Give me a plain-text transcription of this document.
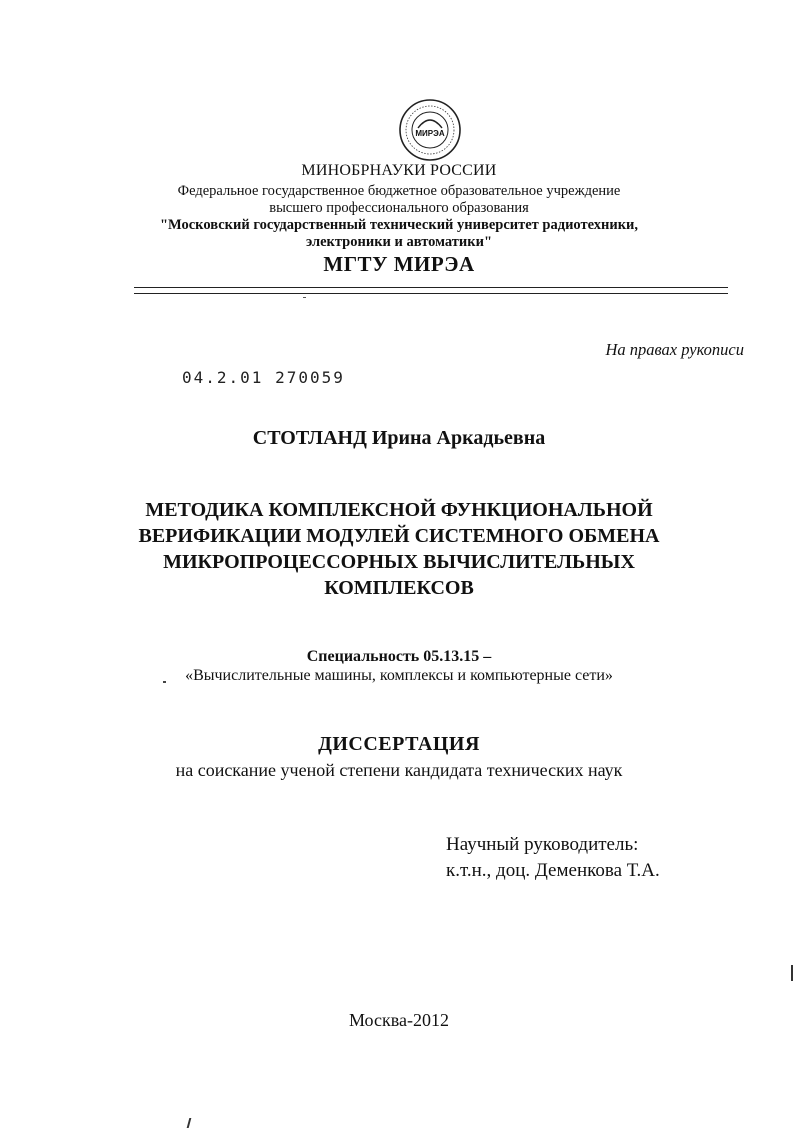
МИРЭА
МИНОБРНАУКИ РОССИИ
Федеральное государственное бюджетное образовательное учреждение
высшего профессионального образования
"Московский государственный технический университет радиотехники,
электроники и автоматики"
МГТУ МИРЭА
На правах рукописи
04.2.01 270059
СТОТЛАНД Ирина Аркадьевна
МЕТОДИКА КОМПЛЕКСНОЙ ФУНКЦИОНАЛЬНОЙ
ВЕРИФИКАЦИИ МОДУЛЕЙ СИСТЕМНОГО ОБМЕНА
МИКРОПРОЦЕССОРНЫХ ВЫЧИСЛИТЕЛЬНЫХ
КОМПЛЕКСОВ
Специальность 05.13.15 –
«Вычислительные машины, комплексы и компьютерные сети»
ДИССЕРТАЦИЯ
на соискание ученой степени кандидата технических наук
Научный руководитель:
к.т.н., доц. Деменкова Т.А.
Москва-2012
